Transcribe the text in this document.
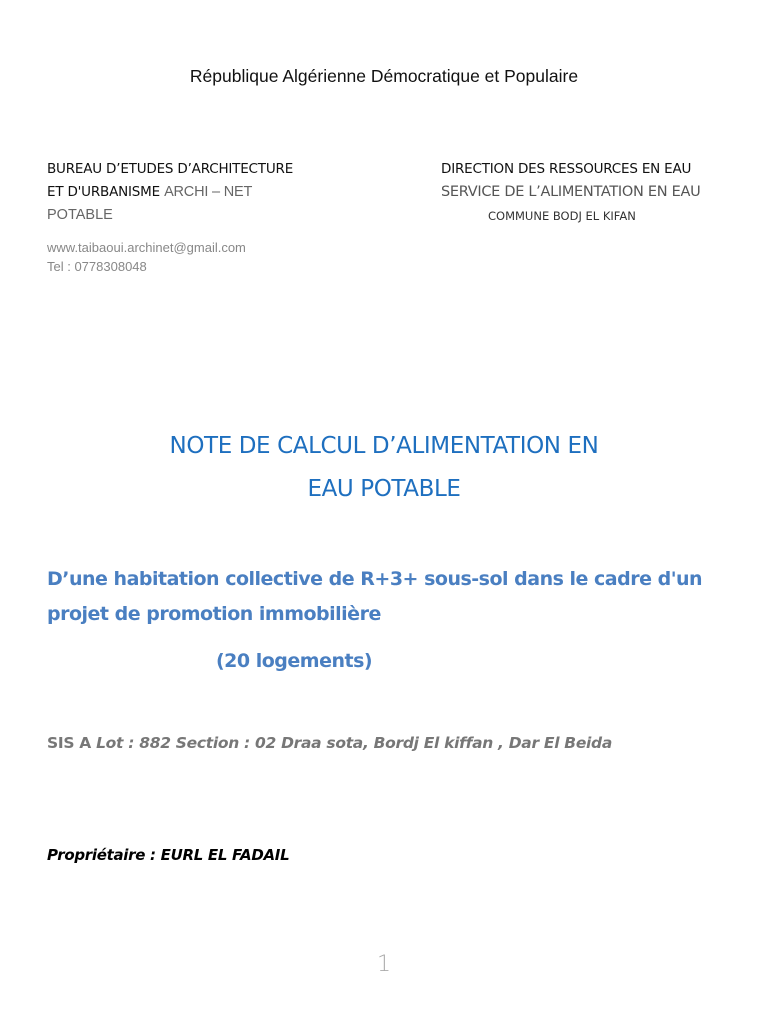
République Algérienne Démocratique et Populaire
BUREAU D’ETUDES D’ARCHITECTURE
ET D'URBANISME ARCHI – NET
POTABLE
www.taibaoui.archinet@gmail.com
Tel : 0778308048
DIRECTION DES RESSOURCES EN EAU
SERVICE DE L’ALIMENTATION EN EAU
COMMUNE BODJ EL KIFAN
NOTE DE CALCUL D’ALIMENTATION EN
EAU POTABLE
D’une habitation collective de R+3+ sous-sol dans le cadre d'un
projet de promotion immobilière
(20 logements)
SIS A Lot : 882 Section : 02 Draa sota, Bordj El kiffan , Dar El Beida
Propriétaire : EURL EL FADAIL
1
